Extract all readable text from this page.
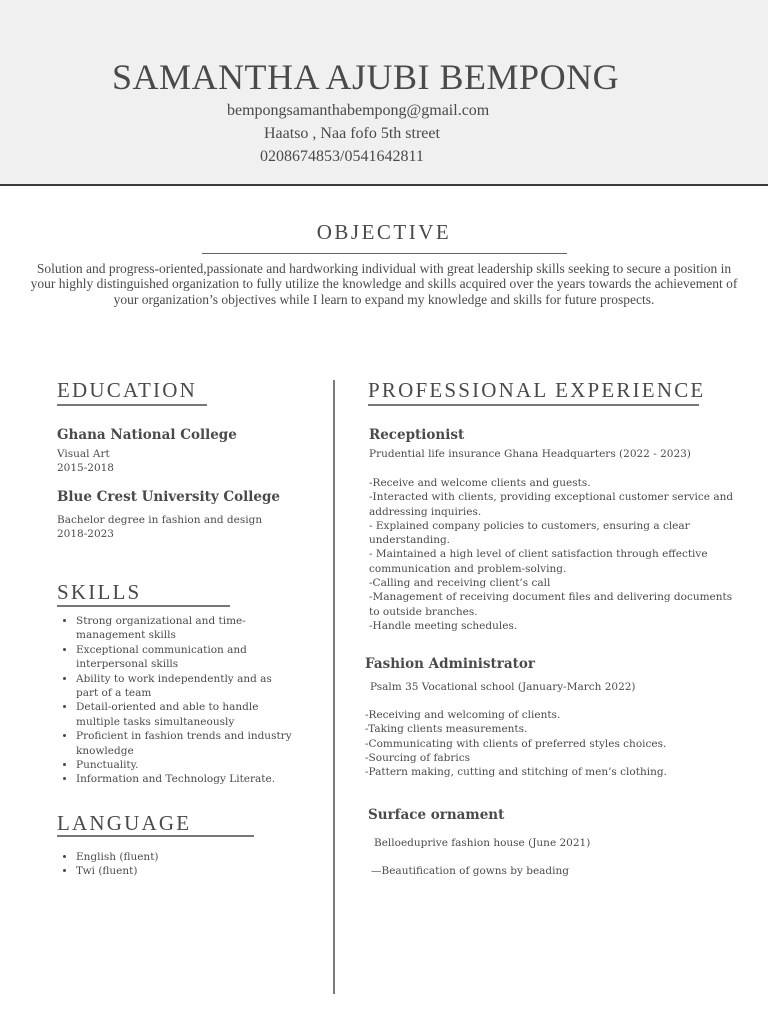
SAMANTHA AJUBI BEMPONG
bempongsamanthabempong@gmail.com
Haatso , Naa fofo 5th street
0208674853/0541642811
OBJECTIVE
Solution and progress-oriented,passionate and hardworking individual with great leadership skills seeking to secure a position in your highly distinguished organization to fully utilize the knowledge and skills acquired over the years towards the achievement of your organization’s objectives while I learn to expand my knowledge and skills for future prospects.
EDUCATION
Ghana National College
Visual Art
2015-2018
Blue Crest University College
Bachelor degree in fashion and design
2018-2023
SKILLS
• Strong organizational and time-management skills
• Exceptional communication and interpersonal skills
• Ability to work independently and as part of a team
• Detail-oriented and able to handle multiple tasks simultaneously
• Proficient in fashion trends and industry knowledge
• Punctuality.
• Information and Technology Literate.
LANGUAGE
• English (fluent)
• Twi (fluent)
PROFESSIONAL EXPERIENCE
Receptionist
Prudential life insurance Ghana Headquarters (2022 - 2023)
-Receive and welcome clients and guests.
-Interacted with clients, providing exceptional customer service and addressing inquiries.
- Explained company policies to customers, ensuring a clear understanding.
- Maintained a high level of client satisfaction through effective communication and problem-solving.
-Calling and receiving client’s call
-Management of receiving document files and delivering documents to outside branches.
-Handle meeting schedules.
Fashion Administrator
Psalm 35 Vocational school (January-March 2022)
-Receiving and welcoming of clients.
-Taking clients measurements.
-Communicating with clients of preferred styles choices.
-Sourcing of fabrics
-Pattern making, cutting and stitching of men’s clothing.
Surface ornament
Belloeduprive fashion house (June 2021)
—Beautification of gowns by beading
